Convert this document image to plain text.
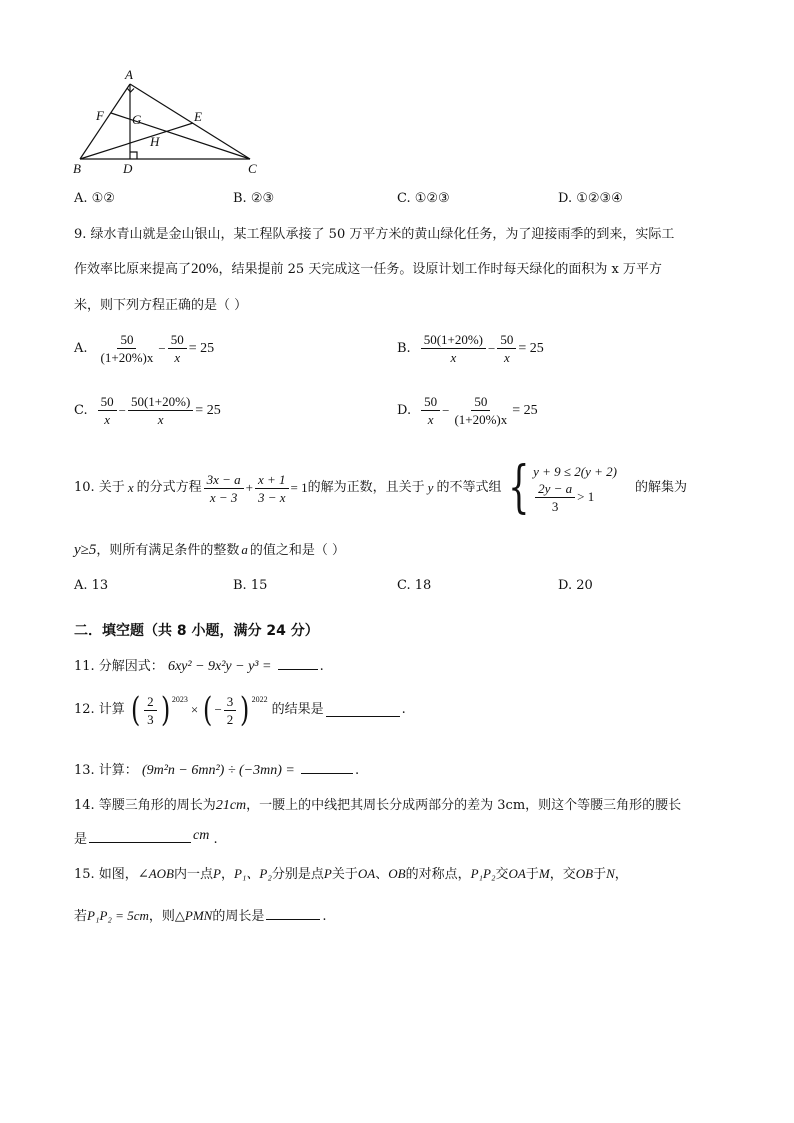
A
F G	E
H
B	D	C
A. ①②	B. ②③	C. ①②③	D. ①②③④
9. 绿水青山就是金山银山，某工程队承接了 50 万平方米的黄山绿化任务，为了迎接雨季的到来，实际工
作效率比原来提高了20%，结果提前 25 天完成这一任务。设原计划工作时每天绿化的面积为 x 万平方
米，则下列方程正确的是（ ）
A. $\frac{50}{(1+20\%)x} - \frac{50}{x} = 25$	B. $\frac{50(1+20\%)}{x} - \frac{50}{x} = 25$
C. $\frac{50}{x} - \frac{50(1+20\%)}{x} = 25$	D. $\frac{50}{x} - \frac{50}{(1+20\%)x} = 25$
10. 关于 x 的分式方程 $\frac{3x - a}{x - 3} + \frac{x + 1}{3 - x} = 1$ 的解为正数，且关于 y 的不等式组 { y + 9 ≤ 2(y + 2)
$\frac{2y - a}{3} > 1$
的解集为
y≥5，则所有满足条件的整数 a 的值之和是（ ）
A. 13	B. 15	C. 18	D. 20
二．填空题（共 8 小题，满分 24 分）
11. 分解因式： 6xy² − 9x²y − y³ =	.
12. 计算 ( $\frac{2}{3}$ ) 2023
× ( − $\frac{3}{2}$ ) 2022
的结果是	.
13. 计算： (9m²n − 6mn²) ÷ (−3mn) =	.
14. 等腰三角形的周长为21cm，一腰上的中线把其周长分成两部分的差为 3cm，则这个等腰三角形的腰长
是	cm .
15. 如图，∠AOB内一点P，P₁、P₂分别是点P关于OA、OB的对称点，P₁P₂交OA于M，交OB于N，
若P₁P₂ = 5cm，则△PMN的周长是	.
